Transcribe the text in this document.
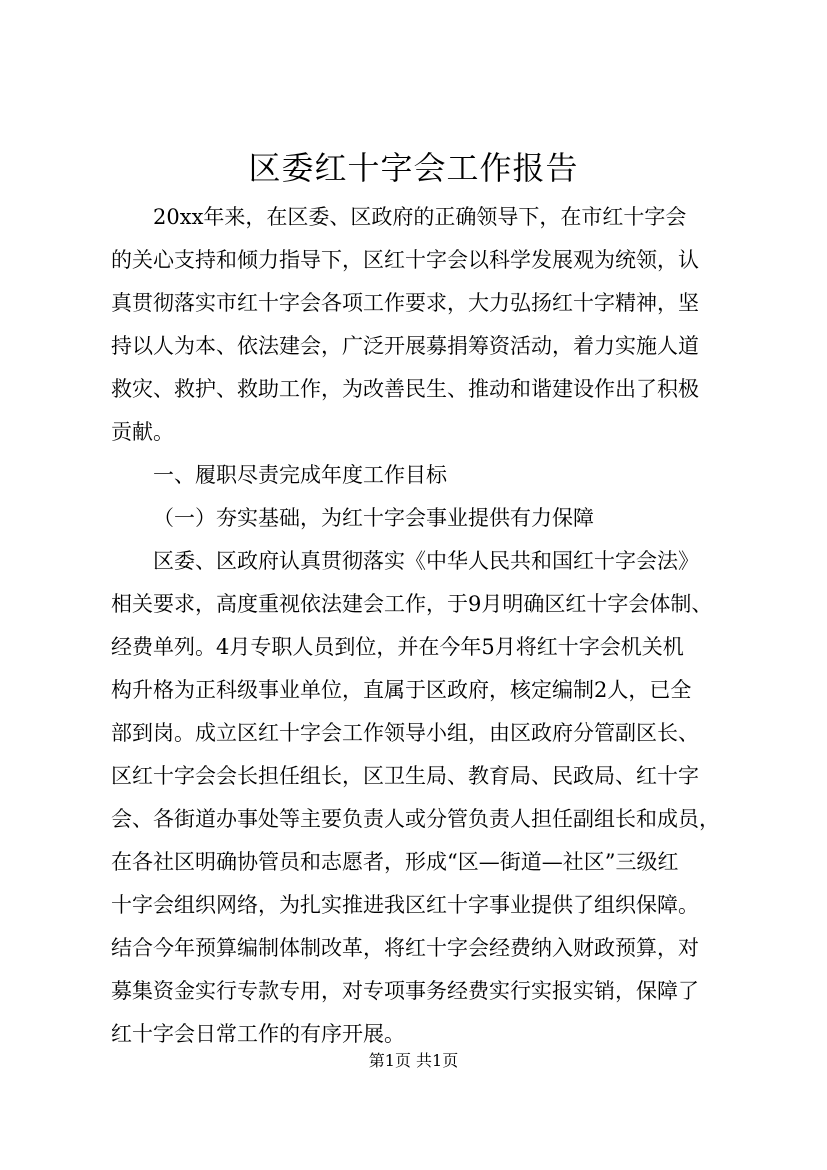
区委红十字会工作报告
20xx年来，在区委、区政府的正确领导下，在市红十字会
的关心支持和倾力指导下，区红十字会以科学发展观为统领，认
真贯彻落实市红十字会各项工作要求，大力弘扬红十字精神，坚
持以人为本、依法建会，广泛开展募捐筹资活动，着力实施人道
救灾、救护、救助工作，为改善民生、推动和谐建设作出了积极
贡献。
一、履职尽责完成年度工作目标
（一）夯实基础，为红十字会事业提供有力保障
区委、区政府认真贯彻落实《中华人民共和国红十字会法》
相关要求，高度重视依法建会工作，于9月明确区红十字会体制、
经费单列。4月专职人员到位，并在今年5月将红十字会机关机
构升格为正科级事业单位，直属于区政府，核定编制2人，已全
部到岗。成立区红十字会工作领导小组，由区政府分管副区长、
区红十字会会长担任组长，区卫生局、教育局、民政局、红十字
会、各街道办事处等主要负责人或分管负责人担任副组长和成员，
在各社区明确协管员和志愿者，形成“区—街道—社区”三级红
十字会组织网络，为扎实推进我区红十字事业提供了组织保障。
结合今年预算编制体制改革，将红十字会经费纳入财政预算，对
募集资金实行专款专用，对专项事务经费实行实报实销，保障了
红十字会日常工作的有序开展。
第1页 共1页
